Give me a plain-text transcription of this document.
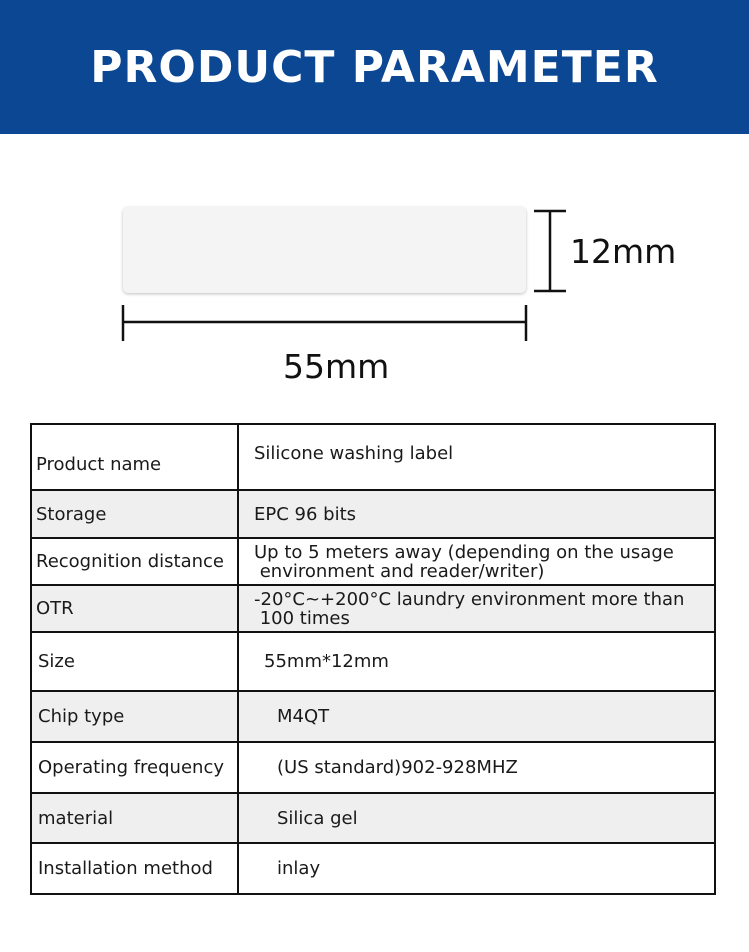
PRODUCT PARAMETER
12mm
55mm
Product name	Silicone washing label
Storage	EPC 96 bits
Recognition distance	Up to 5 meters away (depending on the usage
environment and reader/writer)

OTR	-20°C~+200°C laundry environment more than
100 times

Size	55mm*12mm
Chip type	M4QT
Operating frequency	(US standard)902-928MHZ
material	Silica gel
Installation method	inlay
